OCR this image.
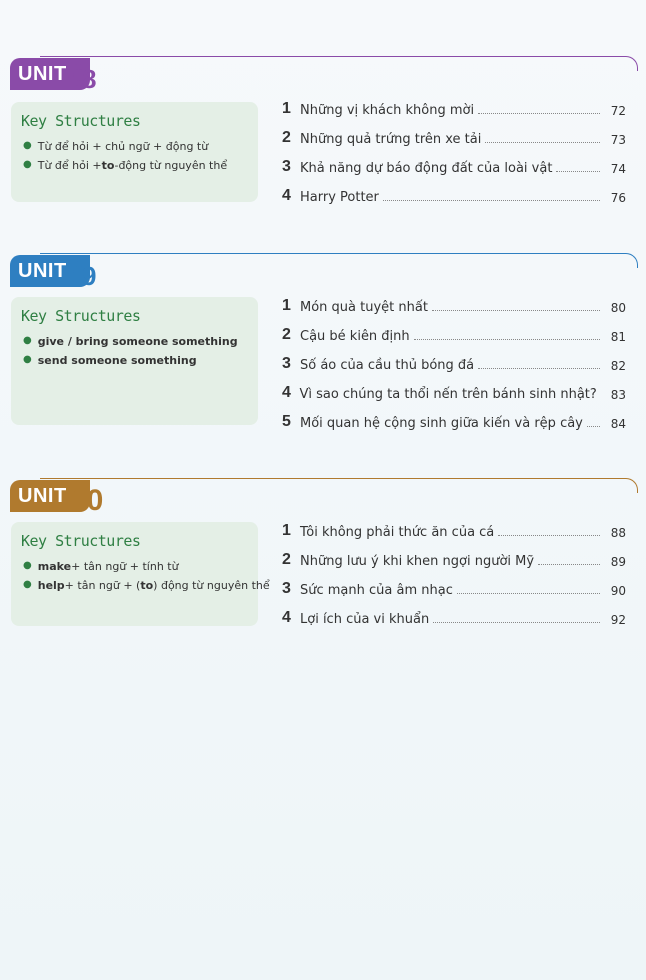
UNIT 8
Key Structures
● Từ để hỏi + chủ ngữ + động từ
● Từ để hỏi + to -động từ nguyên thể
1 Những vị khách không mời	72
2 Những quả trứng trên xe tải	73
3 Khả năng dự báo động đất của loài vật	74
4 Harry Potter	76
UNIT 9
Key Structures
● give / bring someone something
● send someone something
1 Món quà tuyệt nhất	80
2 Cậu bé kiên định	81
3 Số áo của cầu thủ bóng đá	82
4 Vì sao chúng ta thổi nến trên bánh sinh nhật?	83
5 Mối quan hệ cộng sinh giữa kiến và rệp cây	84
UNIT 10
Key Structures
● make + tân ngữ + tính từ
● help + tân ngữ + ( to ) động từ nguyên thể
1 Tôi không phải thức ăn của cá	88
2 Những lưu ý khi khen ngợi người Mỹ	89
3 Sức mạnh của âm nhạc	90
4 Lợi ích của vi khuẩn	92
